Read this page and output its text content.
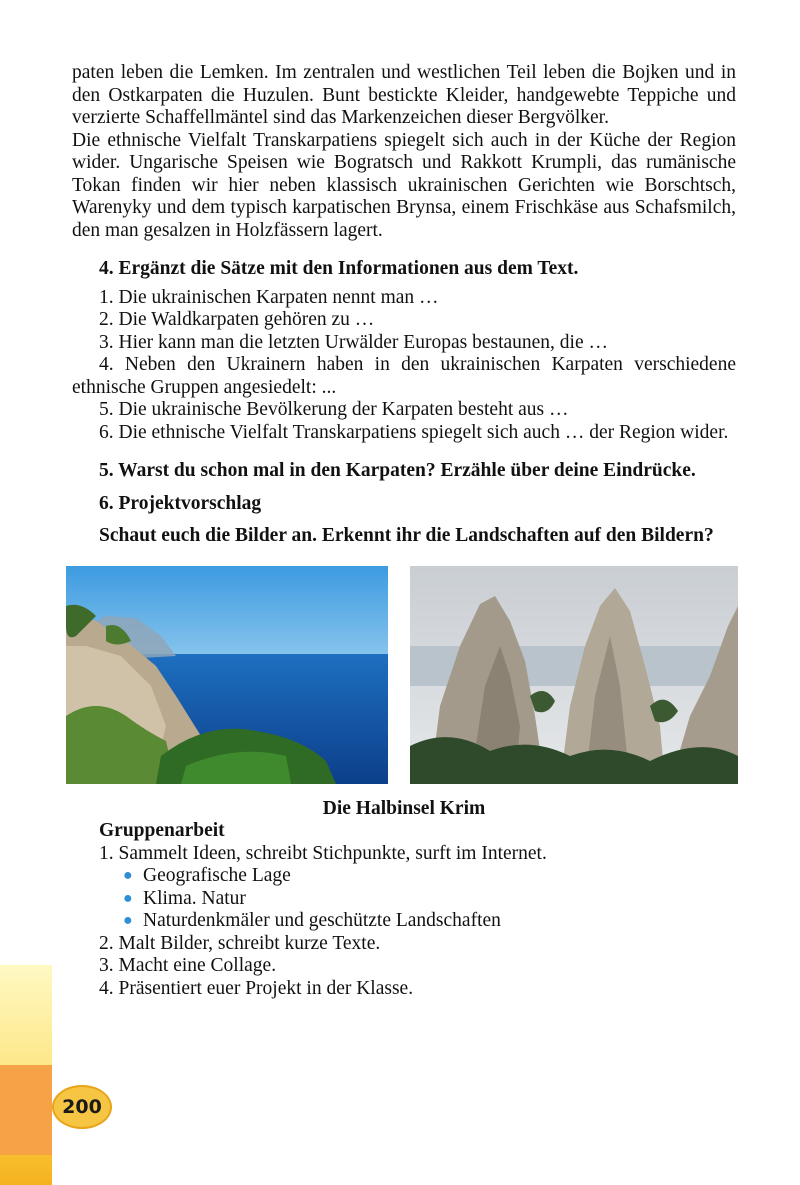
200

paten leben die Lemken. Im zentralen und westlichen Teil leben die Bojken und in den Ostkarpaten die Huzulen. Bunt bestickte Kleider, handgewebte Teppiche und verzierte Schaffellmäntel sind das Markenzeichen dieser Bergvölker.

Die ethnische Vielfalt Transkarpatiens spiegelt sich auch in der Küche der Region wider. Ungarische Speisen wie Bogratsch und Rakkott Krumpli, das rumänische Tokan finden wir hier neben klassisch ukrainischen Gerichten wie Borschtsch, Warenyky und dem typisch karpatischen Brynsa, einem Frischkäse aus Schafsmilch, den man gesalzen in Holzfässern lagert.

4. Ergänzt die Sätze mit den Informationen aus dem Text.

1. Die ukrainischen Karpaten nennt man …

2. Die Waldkarpaten gehören zu …

3. Hier kann man die letzten Urwälder Europas bestaunen, die …

4. Neben den Ukrainern haben in den ukrainischen Karpaten verschiedene ethnische Gruppen angesiedelt: ...

5. Die ukrainische Bevölkerung der Karpaten besteht aus …

6. Die ethnische Vielfalt Transkarpatiens spiegelt sich auch … der Region wider.

5. Warst du schon mal in den Karpaten? Erzähle über deine Eindrücke.

6. Projektvorschlag

Schaut euch die Bilder an. Erkennt ihr die Landschaften auf den Bildern?

Die Halbinsel Krim

Gruppenarbeit

1. Sammelt Ideen, schreibt Stichpunkte, surft im Internet.

● Geografische Lage

● Klima. Natur

● Naturdenkmäler und geschützte Landschaften

2. Malt Bilder, schreibt kurze Texte.

3. Macht eine Collage.

4. Präsentiert euer Projekt in der Klasse.
